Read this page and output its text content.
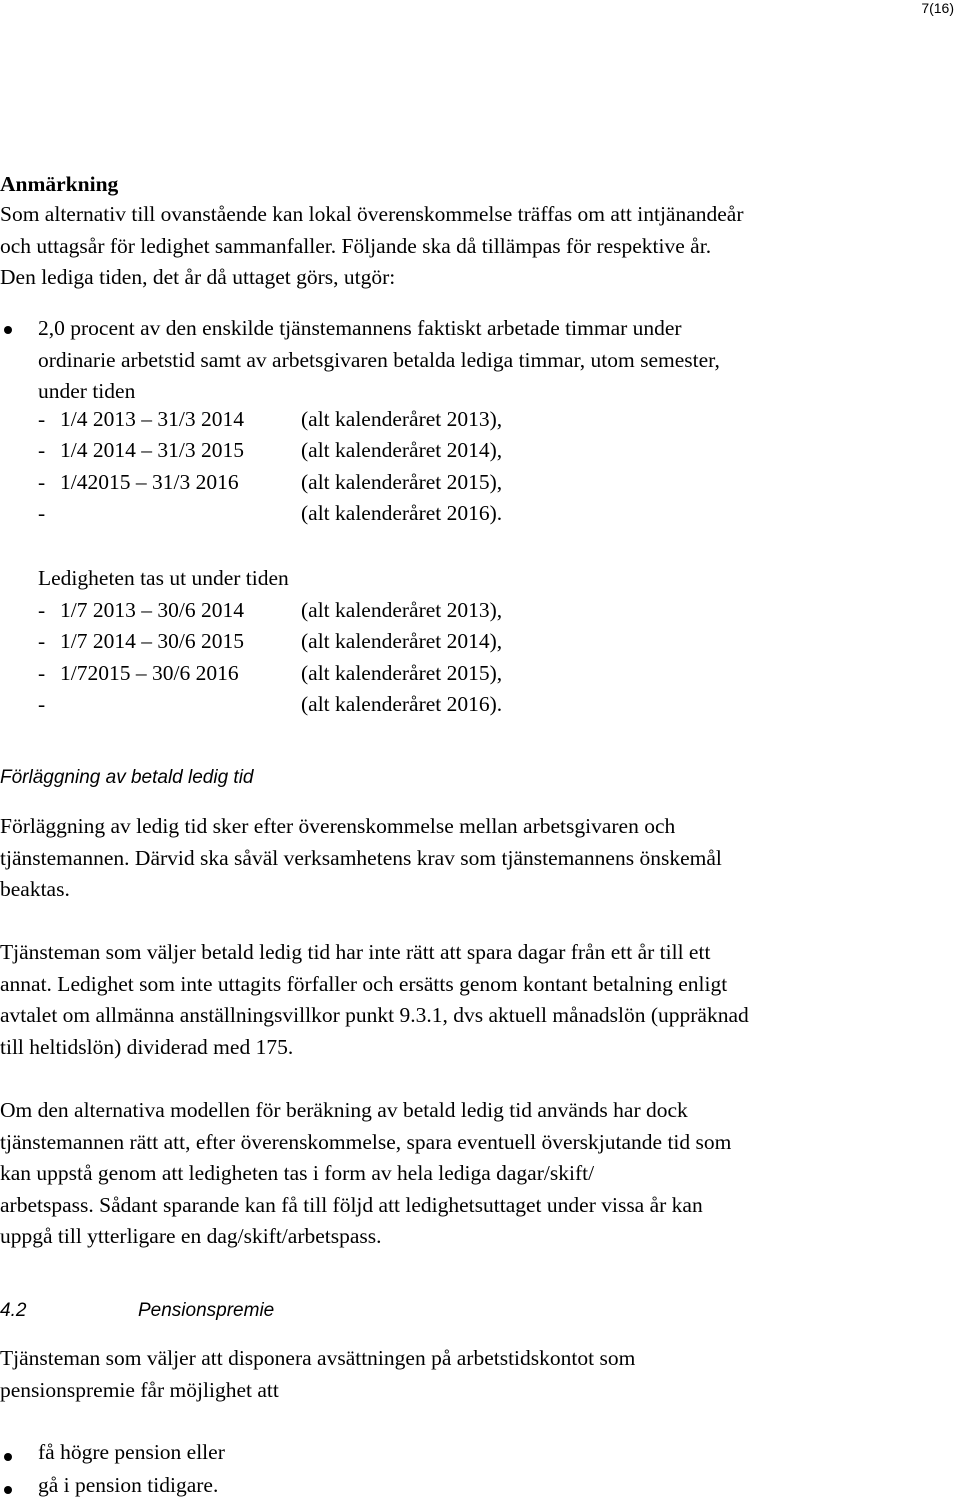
7(16)
Anmärkning
Som alternativ till ovanstående kan lokal överenskommelse träffas om att intjänandeår
och uttagsår för ledighet sammanfaller. Följande ska då tillämpas för respektive år.
Den lediga tiden, det år då uttaget görs, utgör:
2,0 procent av den enskilde tjänstemannens faktiskt arbetade timmar under
ordinarie arbetstid samt av arbetsgivaren betalda lediga timmar, utom semester,
under tiden
- 1/4 2013 – 31/3 2014	(alt kalenderåret 2013),
- 1/4 2014 – 31/3 2015	(alt kalenderåret 2014),
- 1/42015 – 31/3 2016	(alt kalenderåret 2015),
-	(alt kalenderåret 2016).
Ledigheten tas ut under tiden
- 1/7 2013 – 30/6 2014	(alt kalenderåret 2013),
- 1/7 2014 – 30/6 2015	(alt kalenderåret 2014),
- 1/72015 – 30/6 2016	(alt kalenderåret 2015),
-	(alt kalenderåret 2016).
Förläggning av betald ledig tid
Förläggning av ledig tid sker efter överenskommelse mellan arbetsgivaren och
tjänstemannen. Därvid ska såväl verksamhetens krav som tjänstemannens önskemål
beaktas.
Tjänsteman som väljer betald ledig tid har inte rätt att spara dagar från ett år till ett
annat. Ledighet som inte uttagits förfaller och ersätts genom kontant betalning enligt
avtalet om allmänna anställningsvillkor punkt 9.3.1, dvs aktuell månadslön (uppräknad
till heltidslön) dividerad med 175.
Om den alternativa modellen för beräkning av betald ledig tid används har dock
tjänstemannen rätt att, efter överenskommelse, spara eventuell överskjutande tid som
kan uppstå genom att ledigheten tas i form av hela lediga dagar/skift/
arbetspass. Sådant sparande kan få till följd att ledighetsuttaget under vissa år kan
uppgå till ytterligare en dag/skift/arbetspass.
4.2	Pensionspremie
Tjänsteman som väljer att disponera avsättningen på arbetstidskontot som
pensionspremie får möjlighet att
få högre pension eller
gå i pension tidigare.
